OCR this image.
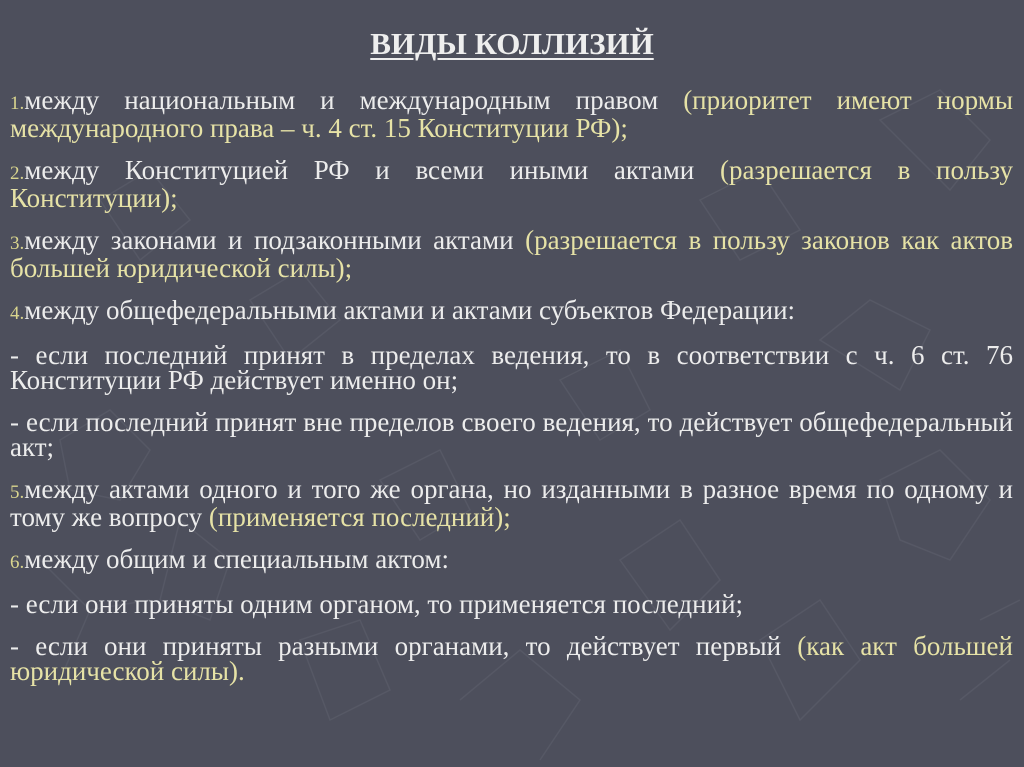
ВИДЫ КОЛЛИЗИЙ

1.между национальным и международным правом (приоритет имеют нормы международного права – ч. 4 ст. 15 Конституции РФ);

2.между Конституцией РФ и всеми иными актами (разрешается в пользу Конституции);

3.между законами и подзаконными актами (разрешается в пользу законов как актов большей юридической силы);

4.между общефедеральными актами и актами субъектов Федерации:

- если последний принят в пределах ведения, то в соответствии с ч. 6 ст. 76 Конституции РФ действует именно он;

- если последний принят вне пределов своего ведения, то действует общефедеральный акт;

5.между актами одного и того же органа, но изданными в разное время по одному и тому же вопросу (применяется последний);

6.между общим и специальным актом:

- если они приняты одним органом, то применяется последний;

- если они приняты разными органами, то действует первый (как акт большей юридической силы).
